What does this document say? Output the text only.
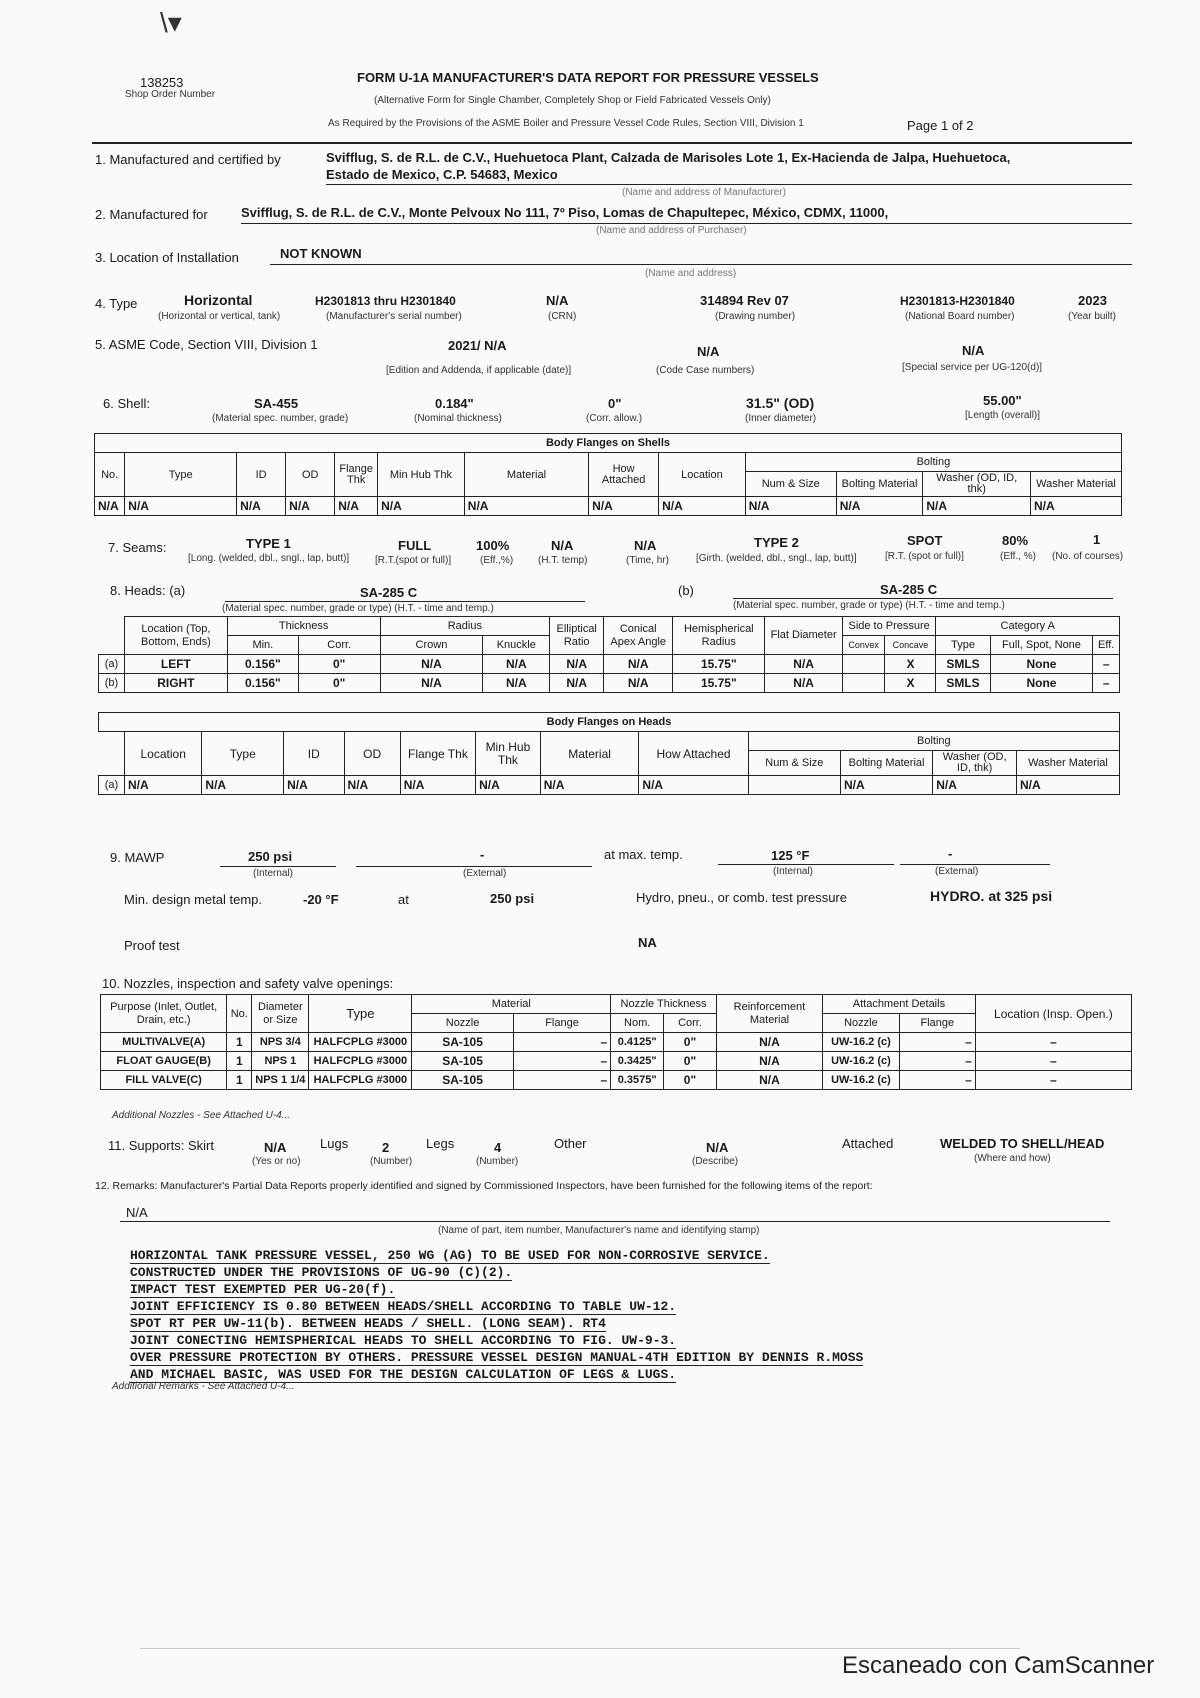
\▾
138253
Shop Order Number
FORM U-1A MANUFACTURER'S DATA REPORT FOR PRESSURE VESSELS
(Alternative Form for Single Chamber, Completely Shop or Field Fabricated Vessels Only)
As Required by the Provisions of the ASME Boiler and Pressure Vessel Code Rules, Section VIII, Division 1	Page 1 of 2
1. Manufactured and certified by	Svifflug, S. de R.L. de C.V., Huehuetoca Plant, Calzada de Marisoles Lote 1, Ex-Hacienda de Jalpa, Huehuetoca,
Estado de Mexico, C.P. 54683, Mexico
(Name and address of Manufacturer)
2. Manufactured for	Svifflug, S. de R.L. de C.V., Monte Pelvoux No 111, 7º Piso, Lomas de Chapultepec, México, CDMX, 11000,
(Name and address of Purchaser)
3. Location of Installation	NOT KNOWN
(Name and address)
4. Type	Horizontal
(Horizontal or vertical, tank)
H2301813 thru H2301840
(Manufacturer's serial number)
N/A
(CRN)
314894 Rev 07
(Drawing number)
H2301813-H2301840
(National Board number)
2023
(Year built)
5. ASME Code, Section VIII, Division 1	2021/ N/A
[Edition and Addenda, if applicable (date)]
N/A
(Code Case numbers)
N/A
[Special service per UG-120(d)]
6. Shell:	SA-455
(Material spec. number, grade)
0.184"
(Nominal thickness)
0"
(Corr. allow.)
31.5" (OD)
(Inner diameter)
55.00"
[Length (overall)]
Body Flanges on Shells												
No.	Type	ID	OD	Flange Thk	Min Hub Thk	Material	How Attached	Location	Bolting			
									Num & Size	Bolting Material	Washer (OD, ID, thk)	Washer Material
N/A	N/A	N/A	N/A	N/A	N/A	N/A	N/A	N/A	N/A	N/A	N/A	N/A
7. Seams:	TYPE 1
[Long. (welded, dbl., sngl., lap, butt)]
FULL
[R.T.(spot or full)]
100%
(Eff.,%)
N/A
(H.T. temp)
N/A
(Time, hr)
TYPE 2
[Girth. (welded, dbl., sngl., lap, butt)]
SPOT
[R.T. (spot or full)]
80%
(Eff., %)
1
(No. of courses)
8. Heads: (a)	SA-285 C
(Material spec. number, grade or type) (H.T. - time and temp.)
(b)	SA-285 C
(Material spec. number, grade or type) (H.T. - time and temp.)
	Location (Top, Bottom, Ends)	Thickness		Radius		Elliptical Ratio	Conical Apex Angle	Hemispherical Radius	Flat Diameter	Side to Pressure		Category A		
		Min.	Corr.	Crown	Knuckle					Convex	Concave	Type	Full, Spot, None	Eff.
(a)	LEFT	0.156"	0"	N/A	N/A	N/A	N/A	15.75"	N/A		X	SMLS	None	–
(b)	RIGHT	0.156"	0"	N/A	N/A	N/A	N/A	15.75"	N/A		X	SMLS	None	–
Body Flanges on Heads												
	Location	Type	ID	OD	Flange Thk	Min Hub Thk	Material	How Attached	Bolting			
									Num & Size	Bolting Material	Washer (OD, ID, thk)	Washer Material
(a)	N/A	N/A	N/A	N/A	N/A	N/A	N/A	N/A		N/A	N/A	N/A
9. MAWP	250 psi
(Internal)
-
(External)
at max. temp.	125 °F
(Internal)
-
(External)
Min. design metal temp.	-20 °F	at	250 psi	Hydro, pneu., or comb. test pressure	HYDRO. at 325 psi
Proof test	NA
10. Nozzles, inspection and safety valve openings:
Purpose (Inlet, Outlet, Drain, etc.)	No.	Diameter or Size	Type	Material		Nozzle Thickness		Reinforcement Material	Attachment Details		Location (Insp. Open.)
				Nozzle	Flange	Nom.	Corr.		Nozzle	Flange	
MULTIVALVE(A)	1	NPS 3/4	HALFCPLG #3000	SA-105	–	0.4125"	0"	N/A	UW-16.2 (c)	–	–
FLOAT GAUGE(B)	1	NPS 1	HALFCPLG #3000	SA-105	–	0.3425"	0"	N/A	UW-16.2 (c)	–	–
FILL VALVE(C)	1	NPS 1 1/4	HALFCPLG #3000	SA-105	–	0.3575"	0"	N/A	UW-16.2 (c)	–	–
Additional Nozzles - See Attached U-4...
11. Supports: Skirt	N/A
(Yes or no)
Lugs	2
(Number)
Legs	4
(Number)
Other	N/A
(Describe)
Attached	WELDED TO SHELL/HEAD
(Where and how)
12. Remarks: Manufacturer's Partial Data Reports properly identified and signed by Commissioned Inspectors, have been furnished for the following items of the report:
N/A
(Name of part, item number, Manufacturer's name and identifying stamp)
HORIZONTAL TANK PRESSURE VESSEL, 250 WG (AG) TO BE USED FOR NON-CORROSIVE SERVICE.
CONSTRUCTED UNDER THE PROVISIONS OF UG-90 (C)(2).
IMPACT TEST EXEMPTED PER UG-20(f).
JOINT EFFICIENCY IS 0.80 BETWEEN HEADS/SHELL ACCORDING TO TABLE UW-12.
SPOT RT PER UW-11(b). BETWEEN HEADS / SHELL. (LONG SEAM). RT4
JOINT CONECTING HEMISPHERICAL HEADS TO SHELL ACCORDING TO FIG. UW-9-3.
OVER PRESSURE PROTECTION BY OTHERS. PRESSURE VESSEL DESIGN MANUAL-4TH EDITION BY DENNIS R.MOSS
AND MICHAEL BASIC, WAS USED FOR THE DESIGN CALCULATION OF LEGS & LUGS.
Additional Remarks - See Attached U-4...
Escaneado con CamScanner
